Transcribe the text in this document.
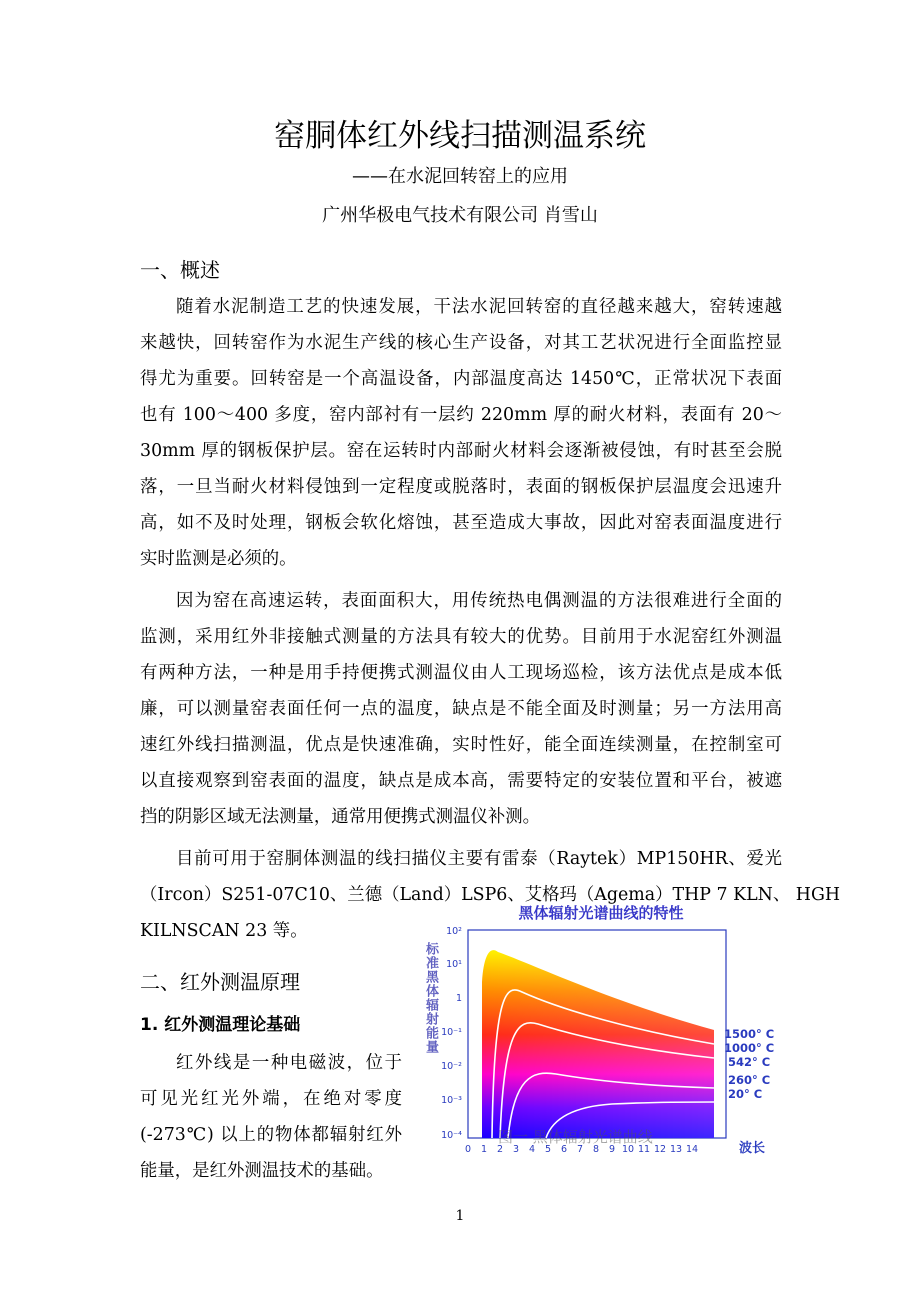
窑胴体红外线扫描测温系统
——在水泥回转窑上的应用
广州华极电气技术有限公司 肖雪山
一、概述
随着水泥制造工艺的快速发展，干法水泥回转窑的直径越来越大，窑转速越
来越快，回转窑作为水泥生产线的核心生产设备，对其工艺状况进行全面监控显
得尤为重要。回转窑是一个高温设备，内部温度高达 1450℃，正常状况下表面
也有 100～400 多度，窑内部衬有一层约 220mm 厚的耐火材料，表面有 20～
30mm 厚的钢板保护层。窑在运转时内部耐火材料会逐渐被侵蚀，有时甚至会脱
落，一旦当耐火材料侵蚀到一定程度或脱落时，表面的钢板保护层温度会迅速升
高，如不及时处理，钢板会软化熔蚀，甚至造成大事故，因此对窑表面温度进行
实时监测是必须的。
因为窑在高速运转，表面面积大，用传统热电偶测温的方法很难进行全面的
监测，采用红外非接触式测量的方法具有较大的优势。目前用于水泥窑红外测温
有两种方法，一种是用手持便携式测温仪由人工现场巡检，该方法优点是成本低
廉，可以测量窑表面任何一点的温度，缺点是不能全面及时测量；另一方法用高
速红外线扫描测温，优点是快速准确，实时性好，能全面连续测量，在控制室可
以直接观察到窑表面的温度，缺点是成本高，需要特定的安装位置和平台，被遮
挡的阴影区域无法测量，通常用便携式测温仪补测。
目前可用于窑胴体测温的线扫描仪主要有雷泰（Raytek）MP150HR、爱光
（Ircon）S251-07C10、兰德（Land）LSP6、艾格玛（Agema）THP 7 KLN、 HGH
KILNSCAN 23 等。
二、红外测温原理
1. 红外测温理论基础
红外线是一种电磁波，位于
可见光红光外端，在绝对零度
(-273℃) 以上的物体都辐射红外
能量，是红外测温技术的基础。
10²
10¹
1
10⁻¹
10⁻²
10⁻³
10⁻⁴
0 1 2 3 4 5 6 7 8 9 10 11 12 13 14	波长
1500° C
1000° C
542° C
260° C
20° C
黑体辐射光谱曲线的特性
标准黑体辐射能量
图一 黑体辐射光谱曲线
1
